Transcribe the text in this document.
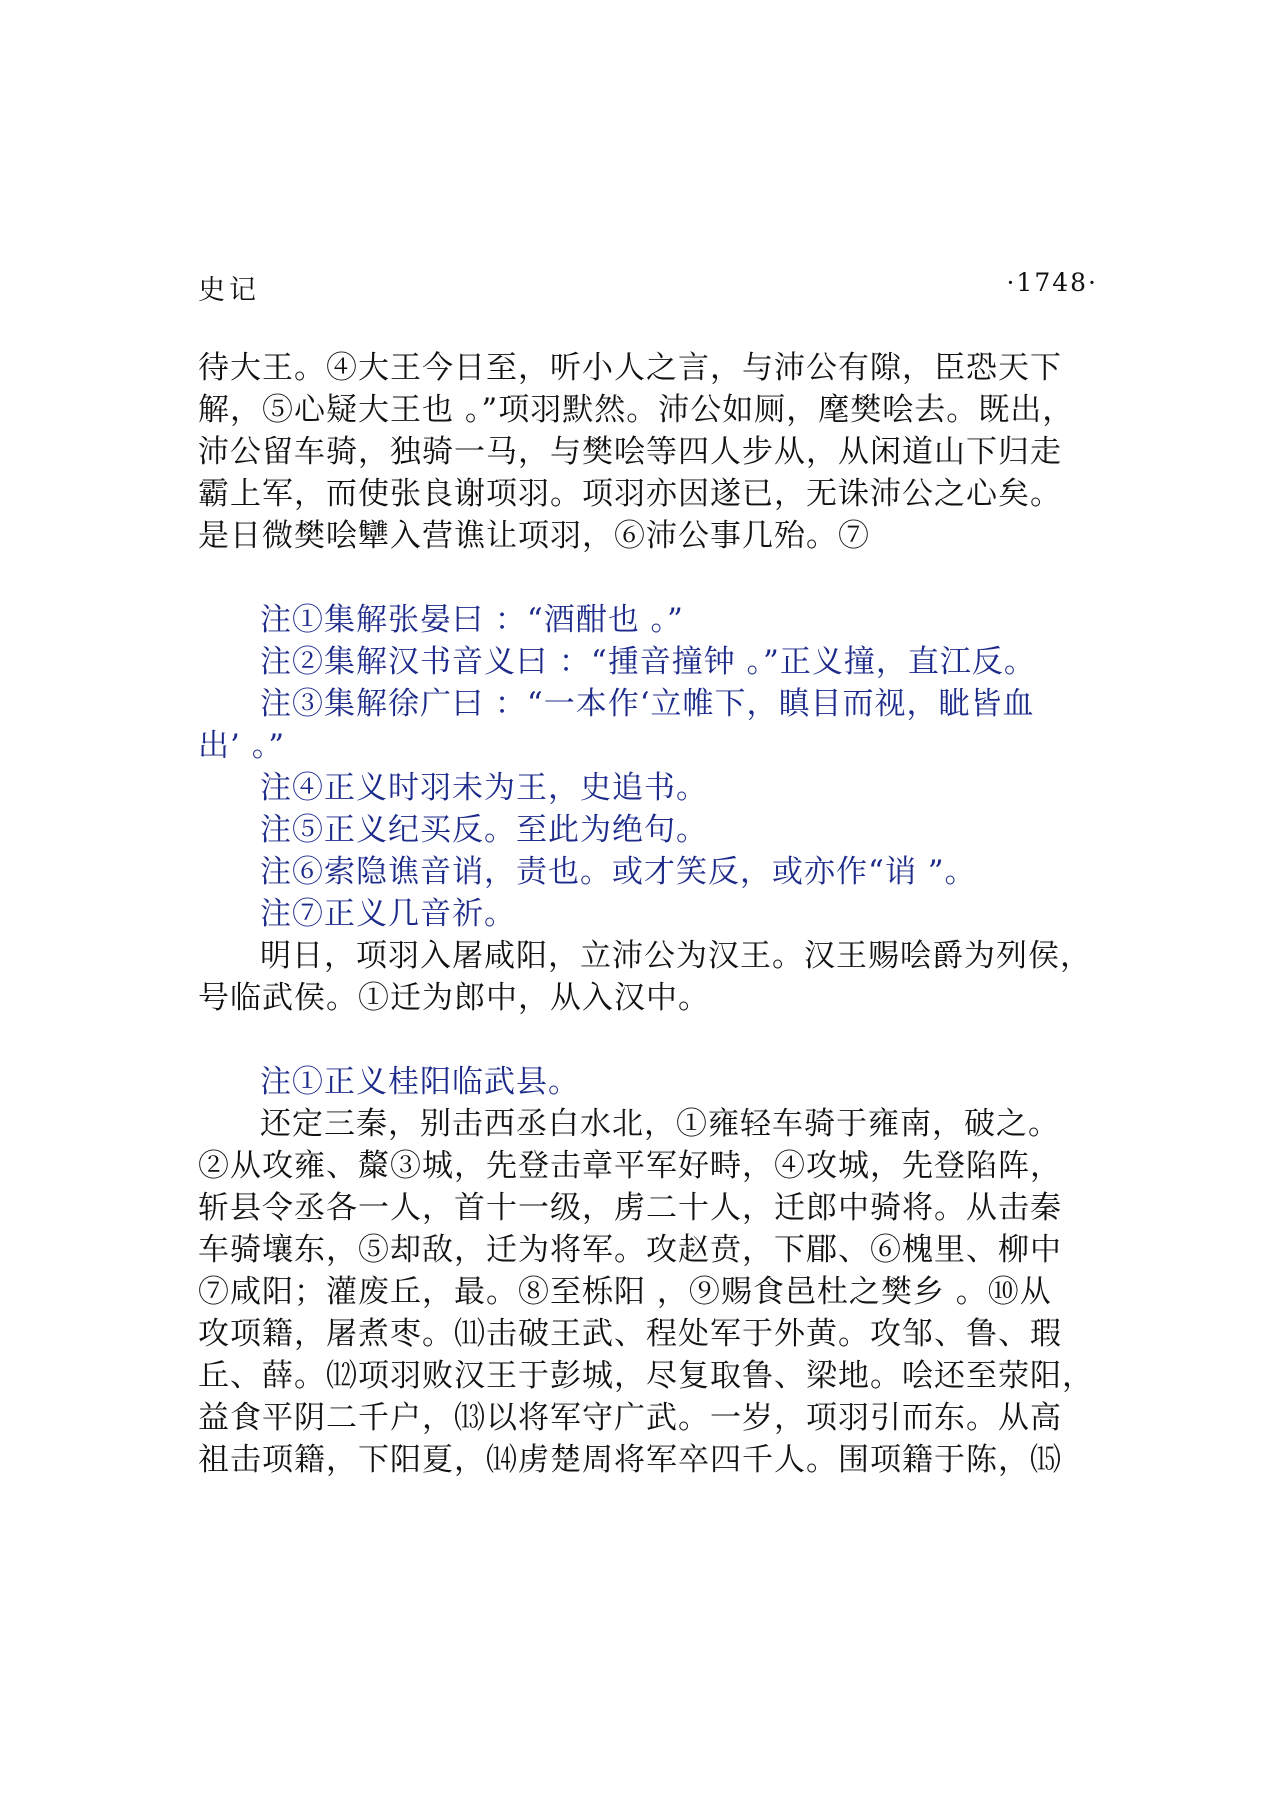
史记	·1748·
待大王。④大王今日至，听小人之言，与沛公有隙，臣恐天下
解，⑤心疑大王也 。”项羽默然。沛公如厕，麾樊哙去。既出，
沛公留车骑，独骑一马，与樊哙等四人步从，从闲道山下归走
霸上军，而使张良谢项羽。项羽亦因遂已，无诛沛公之心矣。
是日微樊哙犫入营谯让项羽，⑥沛公事几殆。⑦
注①集解张晏曰 ：“酒酣也 。”
注②集解汉书音义曰 ：“揰音撞钟 。”正义撞，直江反。
注③集解徐广曰 ：“一本作‘立帷下，瞋目而视，眦皆血
出’ 。”
注④正义时羽未为王，史追书。
注⑤正义纪买反。至此为绝句。
注⑥索隐谯音诮，责也。或才笑反，或亦作“诮 ”。
注⑦正义几音祈。
明日，项羽入屠咸阳，立沛公为汉王。汉王赐哙爵为列侯，
号临武侯。①迁为郎中，从入汉中。
注①正义桂阳临武县。
还定三秦，别击西丞白水北，①雍轻车骑于雍南，破之。
②从攻雍、斄③城，先登击章平军好畤，④攻城，先登陷阵，
斩县令丞各一人，首十一级，虏二十人，迁郎中骑将。从击秦
车骑壤东，⑤却敌，迁为将军。攻赵贲，下郿、⑥槐里、柳中
⑦咸阳；灌废丘，最。⑧至栎阳 ，⑨赐食邑杜之樊乡 。⑩从
攻项籍，屠煮枣。⑾击破王武、程处军于外黄。攻邹、鲁、瑕
丘、薛。⑿项羽败汉王于彭城，尽复取鲁、梁地。哙还至荥阳，
益食平阴二千户，⒀以将军守广武。一岁，项羽引而东。从高
祖击项籍，下阳夏，⒁虏楚周将军卒四千人。围项籍于陈，⒂
